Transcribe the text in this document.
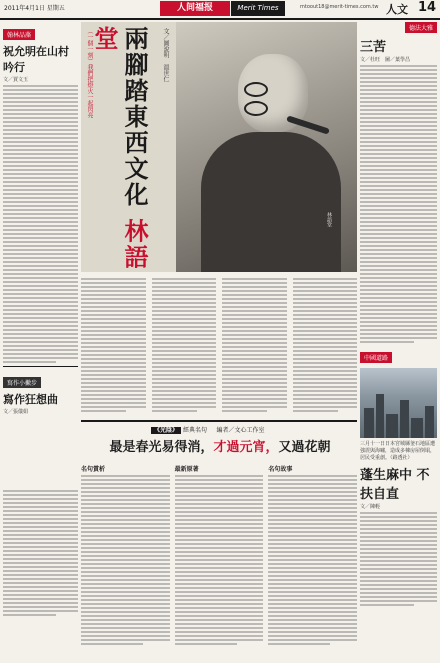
2011年4月1日 星期五	人间福报	Merit Times	mtoout18@merit-times.com.tw 人文 14
翰林品藻
祝允明在山村吟行
文／賈文玉
寫作小撇步
寫作狂想曲
文／張儀娟
（一個一刻）我們把燈火一起閃亮	兩腳踏東西文化 林語堂	文／圖說明　溫世仁
林語堂
《光陰》 經典名句 編者／文心工作室
最是春光易得消，才過元宵，又過花朝
名句賞析	最新原著	名句故事
德法大雅
三苦
文／杜旺　圖／葉學昌
中國道路
三月十一日日本宮城縣釜石地區遭強震與海嘯，造成多棟房屋倒塌，居民受重創。（路透社）
蓬生麻中 不扶自直
文／陳輕
